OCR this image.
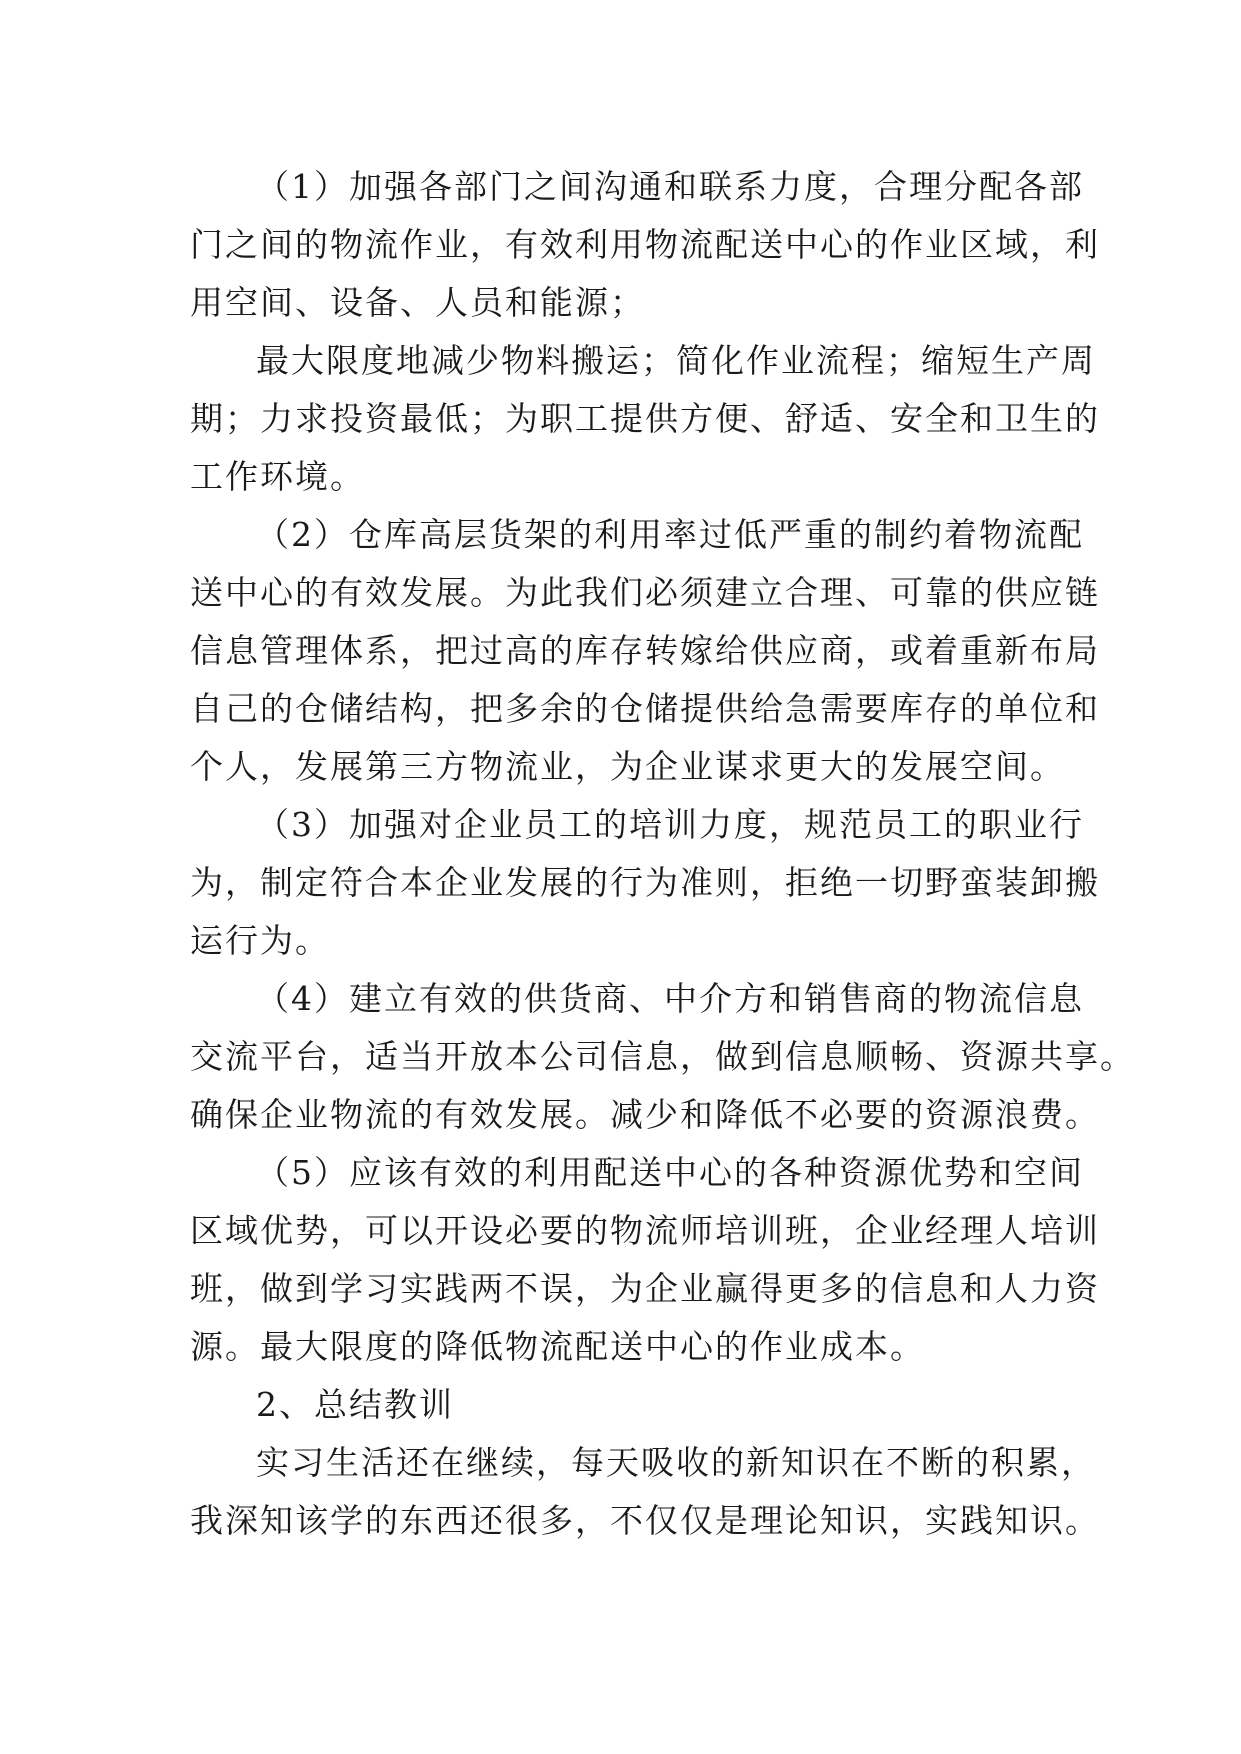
（1）加强各部门之间沟通和联系力度，合理分配各部
门之间的物流作业，有效利用物流配送中心的作业区域，利
用空间、设备、人员和能源；
最大限度地减少物料搬运；简化作业流程；缩短生产周
期；力求投资最低；为职工提供方便、舒适、安全和卫生的
工作环境。
（2）仓库高层货架的利用率过低严重的制约着物流配
送中心的有效发展。为此我们必须建立合理、可靠的供应链
信息管理体系，把过高的库存转嫁给供应商，或着重新布局
自己的仓储结构，把多余的仓储提供给急需要库存的单位和
个人，发展第三方物流业，为企业谋求更大的发展空间。
（3）加强对企业员工的培训力度，规范员工的职业行
为，制定符合本企业发展的行为准则，拒绝一切野蛮装卸搬
运行为。
（4）建立有效的供货商、中介方和销售商的物流信息
交流平台，适当开放本公司信息，做到信息顺畅、资源共享。
确保企业物流的有效发展。减少和降低不必要的资源浪费。
（5）应该有效的利用配送中心的各种资源优势和空间
区域优势，可以开设必要的物流师培训班，企业经理人培训
班，做到学习实践两不误，为企业赢得更多的信息和人力资
源。最大限度的降低物流配送中心的作业成本。
2、总结教训
实习生活还在继续，每天吸收的新知识在不断的积累，
我深知该学的东西还很多，不仅仅是理论知识，实践知识。
